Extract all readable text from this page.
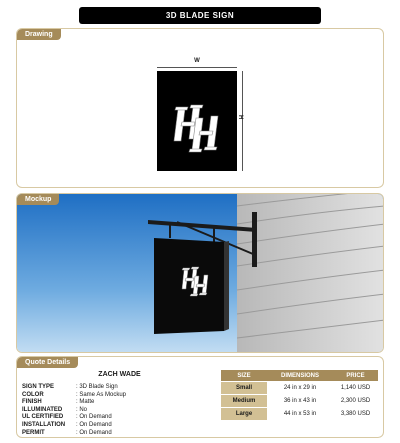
3D BLADE SIGN
Drawing
W
H
Mockup
Quote Details
ZACH WADE
SIGN TYPE	: 3D Blade Sign
COLOR	: Same As Mockup
FINISH	: Matte
ILLUMINATED	: No
UL CERTIFIED	: On Demand
INSTALLATION	: On Demand
PERMIT	: On Demand
SIZE	DIMENSIONS	PRICE
Small	24 in x 29 in	1,140 USD
Medium	36 in x 43 in	2,300 USD
Large	44 in x 53 in	3,380 USD
